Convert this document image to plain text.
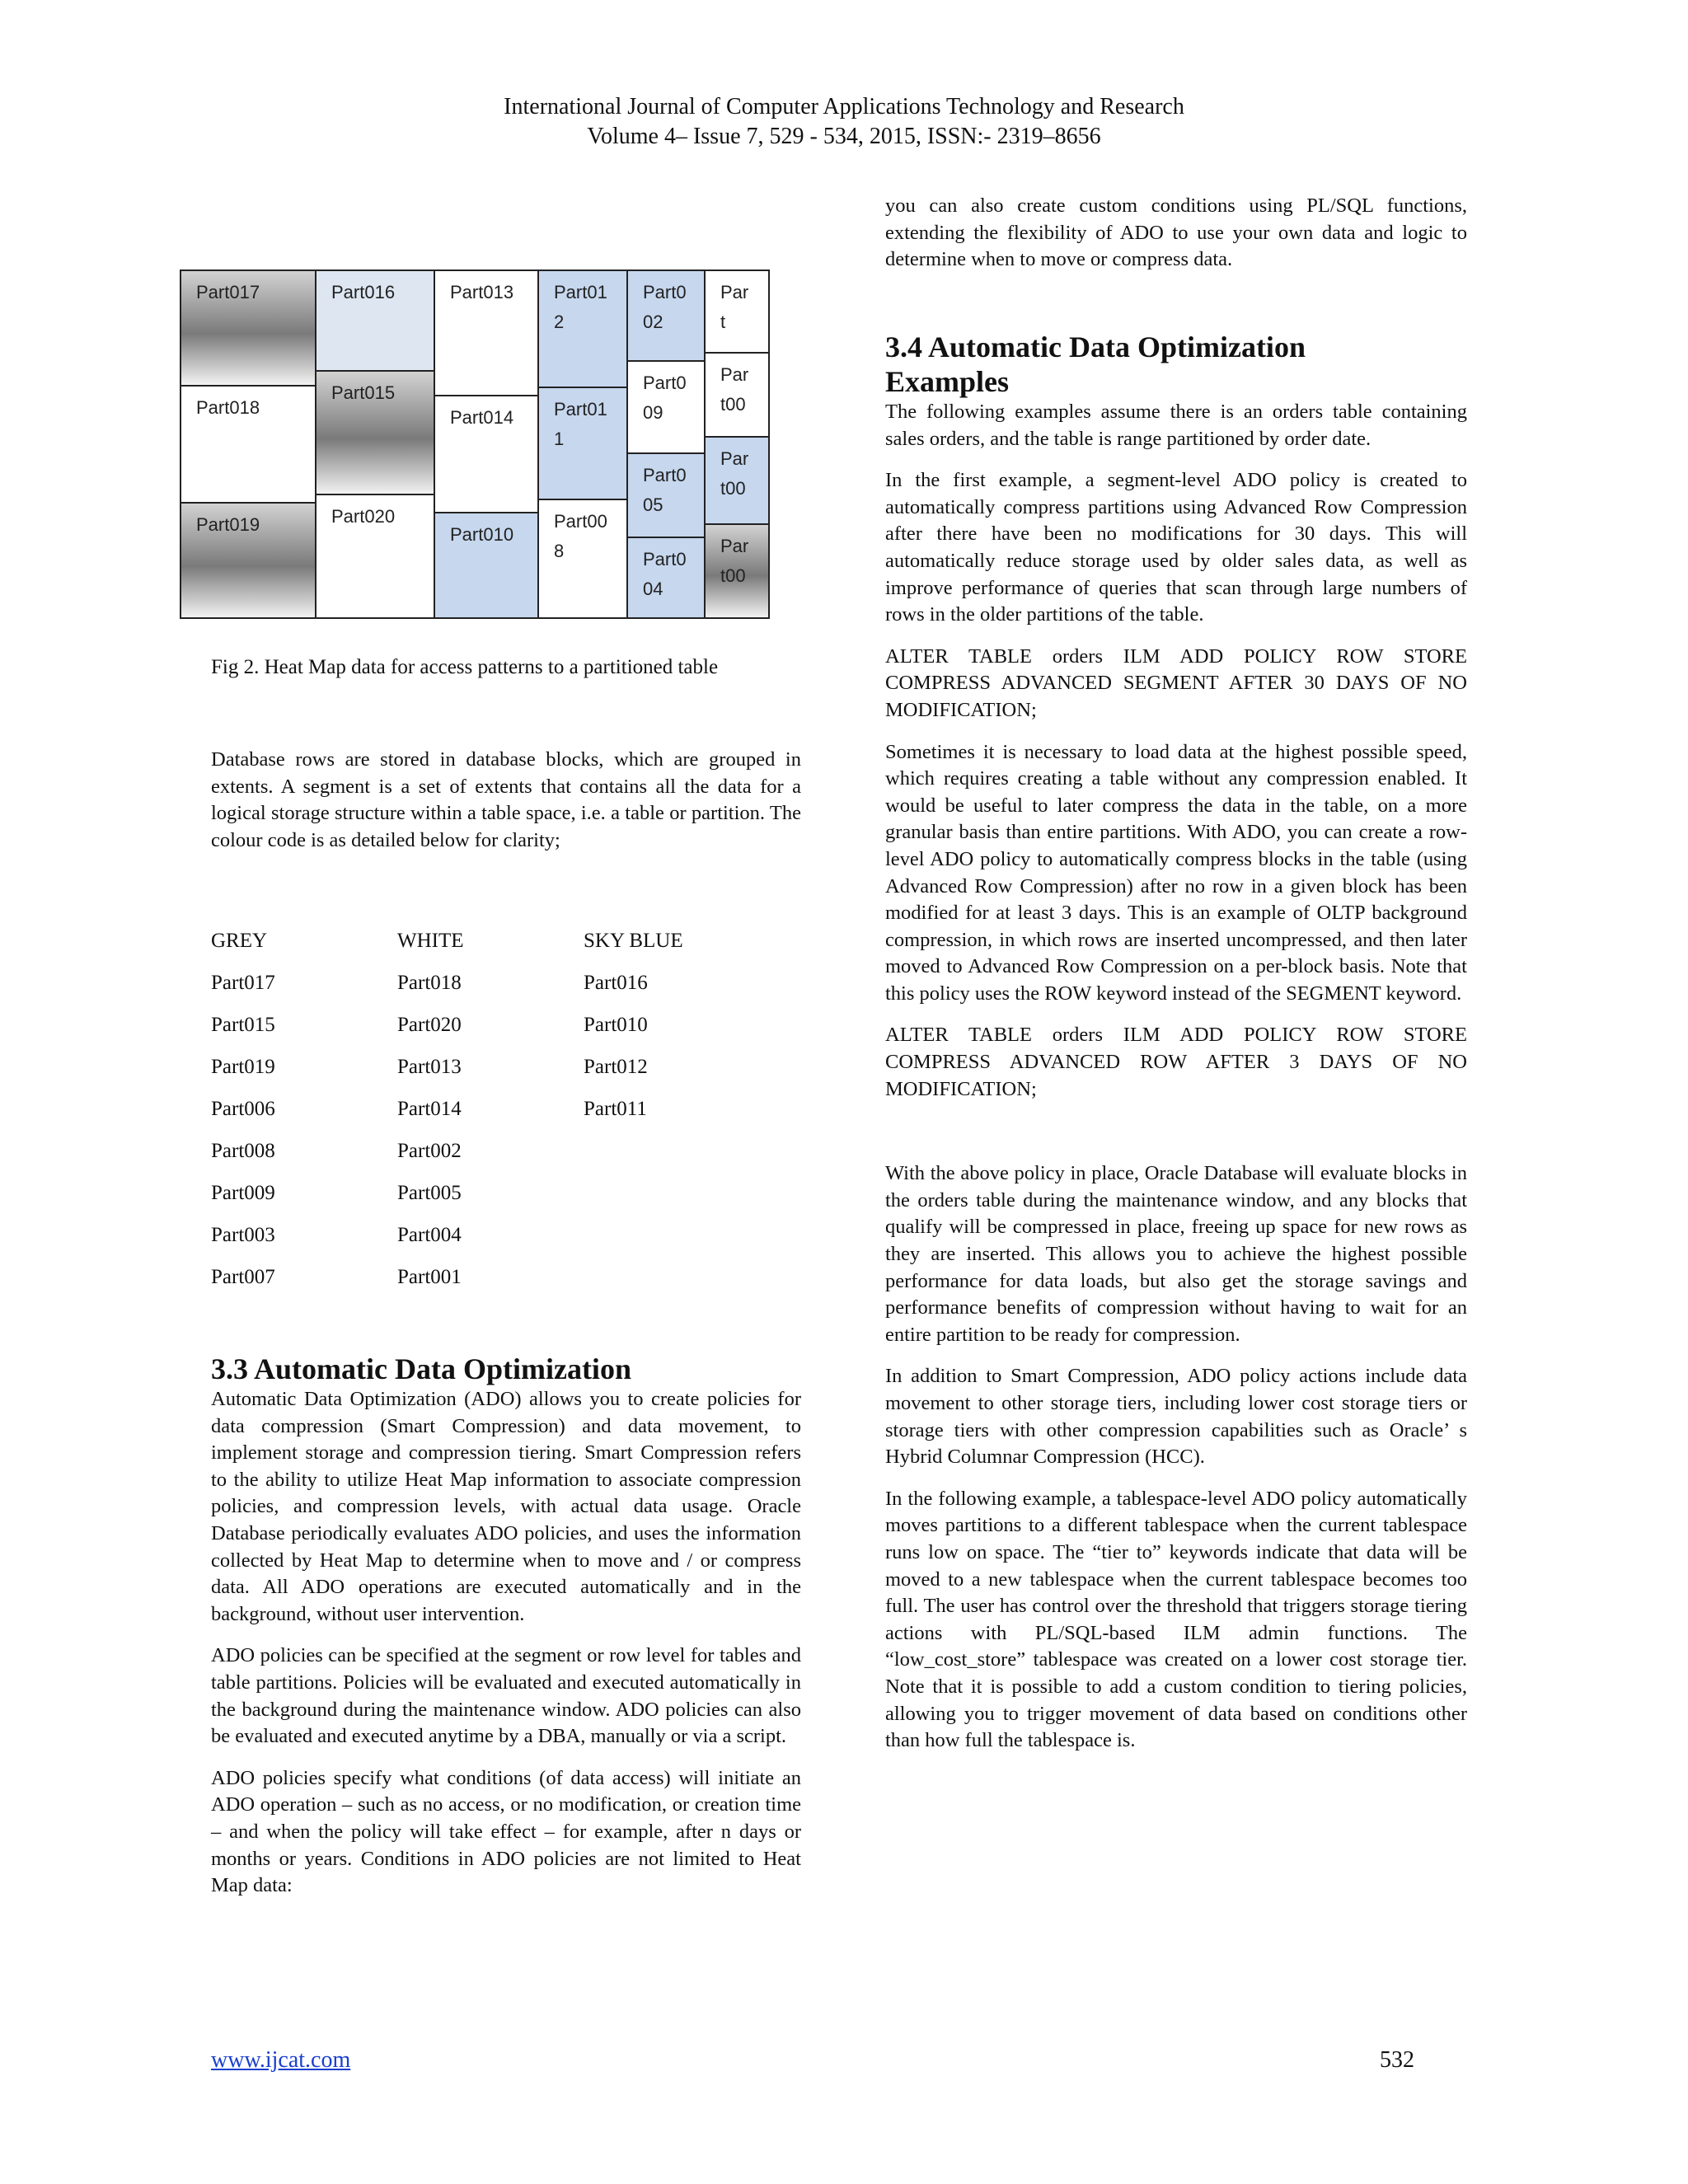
International Journal of Computer Applications Technology and Research
Volume 4– Issue 7, 529 - 534, 2015, ISSN:- 2319–8656
Part017
Part018
Part019
Part016
Part015
Part020
Part013
Part014
Part010
Part012
Part011
Part008
Part002
Part009
Part005
Part004
Part
Part00
Part00
Part00
Fig 2. Heat Map data for access patterns to a partitioned table

Database rows are stored in database blocks, which are grouped in extents. A segment is a set of extents that contains all the data for a logical storage structure within a table space, i.e. a table or partition. The colour code is as detailed below for clarity;

GREY	WHITE	SKY BLUE
Part017	Part018	Part016
Part015	Part020	Part010
Part019	Part013	Part012
Part006	Part014	Part011
Part008	Part002
Part009	Part005
Part003	Part004
Part007	Part001
3.3 Automatic Data Optimization

Automatic Data Optimization (ADO) allows you to create policies for data compression (Smart Compression) and data movement, to implement storage and compression tiering. Smart Compression refers to the ability to utilize Heat Map information to associate compression policies, and compression levels, with actual data usage. Oracle Database periodically evaluates ADO policies, and uses the information collected by Heat Map to determine when to move and / or compress data. All ADO operations are executed automatically and in the background, without user intervention.

ADO policies can be specified at the segment or row level for tables and table partitions. Policies will be evaluated and executed automatically in the background during the maintenance window. ADO policies can also be evaluated and executed anytime by a DBA, manually or via a script.

ADO policies specify what conditions (of data access) will initiate an ADO operation – such as no access, or no modification, or creation time – and when the policy will take effect – for example, after n days or months or years. Conditions in ADO policies are not limited to Heat Map data:

you can also create custom conditions using PL/SQL functions, extending the flexibility of ADO to use your own data and logic to determine when to move or compress data.

3.4 Automatic Data Optimization
Examples

The following examples assume there is an orders table containing sales orders, and the table is range partitioned by order date.

In the first example, a segment-level ADO policy is created to automatically compress partitions using Advanced Row Compression after there have been no modifications for 30 days. This will automatically reduce storage used by older sales data, as well as improve performance of queries that scan through large numbers of rows in the older partitions of the table.

ALTER TABLE orders ILM ADD POLICY ROW STORE COMPRESS ADVANCED SEGMENT AFTER 30 DAYS OF NO MODIFICATION;

Sometimes it is necessary to load data at the highest possible speed, which requires creating a table without any compression enabled. It would be useful to later compress the data in the table, on a more granular basis than entire partitions. With ADO, you can create a row-level ADO policy to automatically compress blocks in the table (using Advanced Row Compression) after no row in a given block has been modified for at least 3 days. This is an example of OLTP background compression, in which rows are inserted uncompressed, and then later moved to Advanced Row Compression on a per-block basis. Note that this policy uses the ROW keyword instead of the SEGMENT keyword.

ALTER TABLE orders ILM ADD POLICY ROW STORE COMPRESS ADVANCED ROW AFTER 3 DAYS OF NO MODIFICATION;

With the above policy in place, Oracle Database will evaluate blocks in the orders table during the maintenance window, and any blocks that qualify will be compressed in place, freeing up space for new rows as they are inserted. This allows you to achieve the highest possible performance for data loads, but also get the storage savings and performance benefits of compression without having to wait for an entire partition to be ready for compression.

In addition to Smart Compression, ADO policy actions include data movement to other storage tiers, including lower cost storage tiers or storage tiers with other compression capabilities such as Oracle’ s Hybrid Columnar Compression (HCC).

In the following example, a tablespace-level ADO policy automatically moves partitions to a different tablespace when the current tablespace runs low on space. The “tier to” keywords indicate that data will be moved to a new tablespace when the current tablespace becomes too full. The user has control over the threshold that triggers storage tiering actions with PL/SQL-based ILM admin functions. The “low_cost_store” tablespace was created on a lower cost storage tier. Note that it is possible to add a custom condition to tiering policies, allowing you to trigger movement of data based on conditions other than how full the tablespace is.

www.ijcat.com	532
